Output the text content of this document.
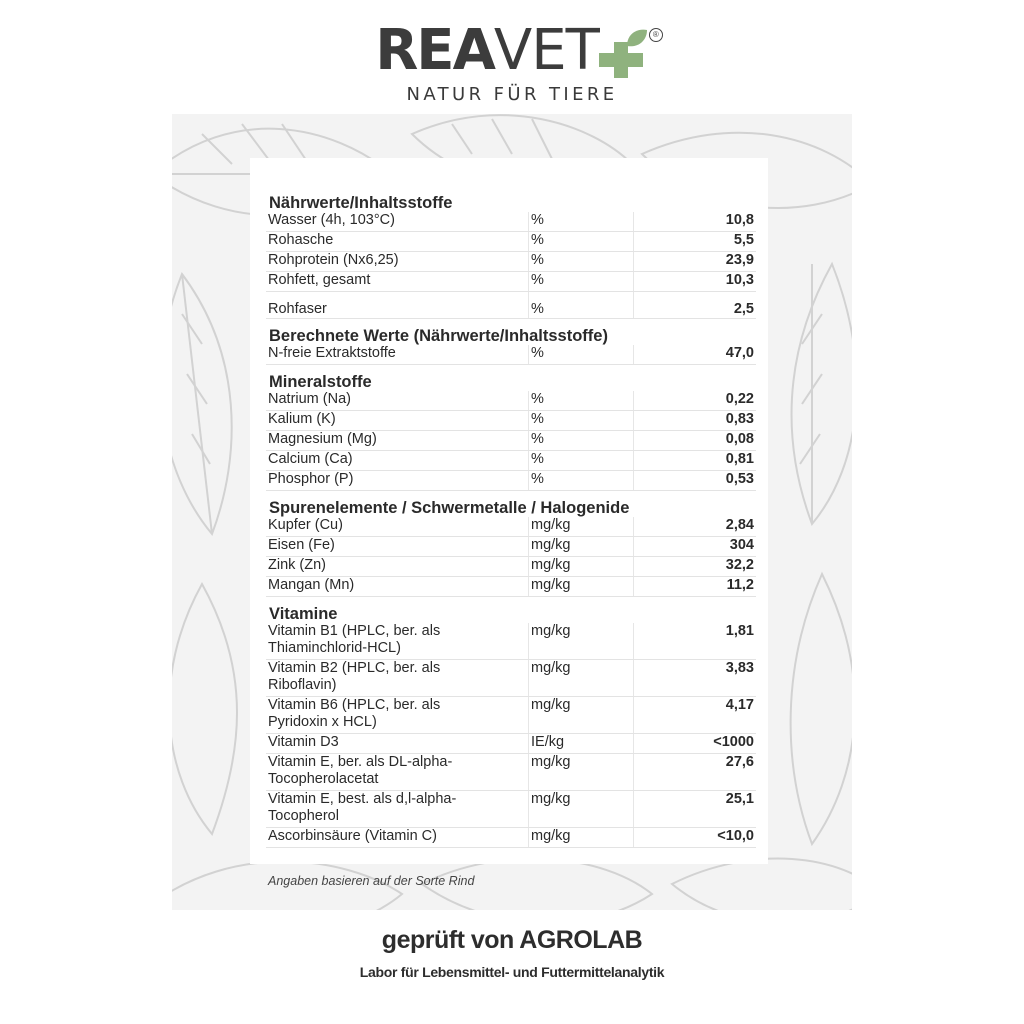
REAVET	®
NATUR FÜR TIERE
Nährwerte/Inhaltsstoffe		
Wasser (4h, 103°C)	%	10,8
Rohasche	%	5,5
Rohprotein (Nx6,25)	%	23,9
Rohfett, gesamt	%	10,3
Rohfaser	%	2,5
Berechnete Werte (Nährwerte/Inhaltsstoffe)		
N-freie Extraktstoffe	%	47,0
Mineralstoffe		
Natrium (Na)	%	0,22
Kalium (K)	%	0,83
Magnesium (Mg)	%	0,08
Calcium (Ca)	%	0,81
Phosphor (P)	%	0,53
Spurenelemente / Schwermetalle / Halogenide		
Kupfer (Cu)	mg/kg	2,84
Eisen (Fe)	mg/kg	304
Zink (Zn)	mg/kg	32,2
Mangan (Mn)	mg/kg	11,2
Vitamine		
Vitamin B1 (HPLC, ber. als
Thiaminchlorid-HCL)	mg/kg	1,81
Vitamin B2 (HPLC, ber. als
Riboflavin)	mg/kg	3,83
Vitamin B6 (HPLC, ber. als
Pyridoxin x HCL)	mg/kg	4,17
Vitamin D3	IE/kg	<1000
Vitamin E, ber. als DL-alpha-
Tocopherolacetat	mg/kg	27,6
Vitamin E, best. als d,l-alpha-
Tocopherol	mg/kg	25,1
Ascorbinsäure (Vitamin C)	mg/kg	<10,0
Angaben basieren auf der Sorte Rind
geprüft von AGROLAB
Labor für Lebensmittel- und Futtermittelanalytik
